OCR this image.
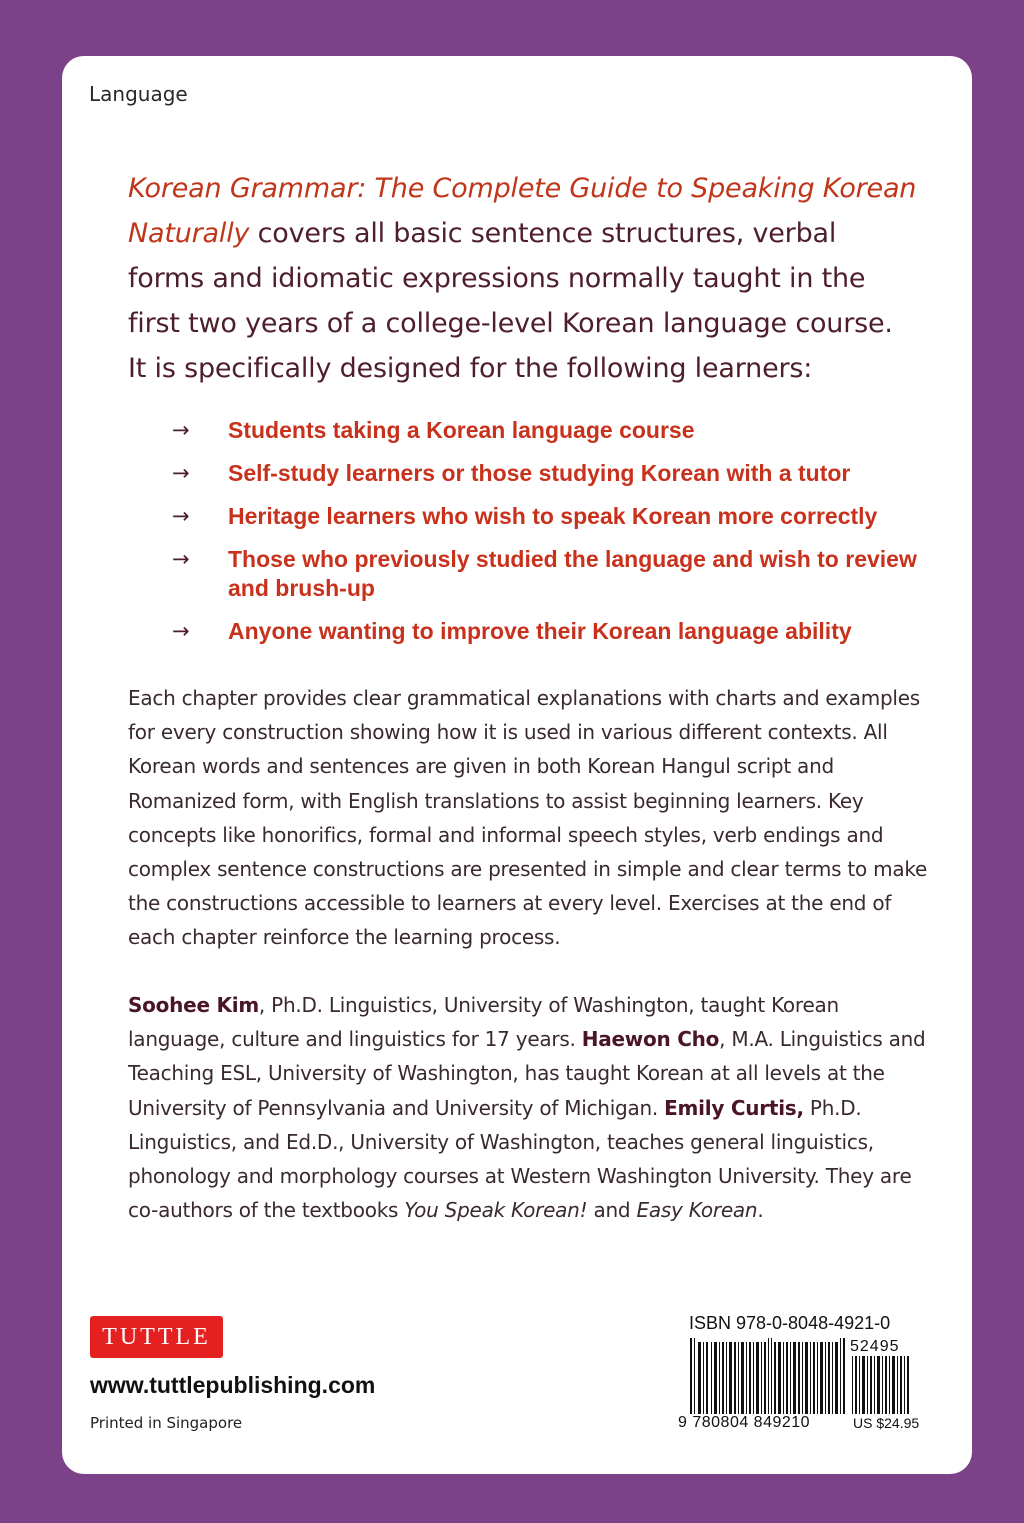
Language
Korean Grammar: The Complete Guide to Speaking Korean Naturally covers all basic sentence structures, verbal forms and idiomatic expressions normally taught in the first two years of a college-level Korean language course. It is specifically designed for the following learners:
→ Students taking a Korean language course
→ Self-study learners or those studying Korean with a tutor
→ Heritage learners who wish to speak Korean more correctly
→ Those who previously studied the language and wish to review and brush-up
→ Anyone wanting to improve their Korean language ability
Each chapter provides clear grammatical explanations with charts and examples for every construction showing how it is used in various different contexts. All Korean words and sentences are given in both Korean Hangul script and Romanized form, with English translations to assist beginning learners. Key concepts like honorifics, formal and informal speech styles, verb endings and complex sentence constructions are presented in simple and clear terms to make the constructions accessible to learners at every level. Exercises at the end of each chapter reinforce the learning process.
Soohee Kim, Ph.D. Linguistics, University of Washington, taught Korean language, culture and linguistics for 17 years. Haewon Cho, M.A. Linguistics and Teaching ESL, University of Washington, has taught Korean at all levels at the University of Pennsylvania and University of Michigan. Emily Curtis, Ph.D. Linguistics, and Ed.D., University of Washington, teaches general linguistics, phonology and morphology courses at Western Washington University. They are co-authors of the textbooks You Speak Korean! and Easy Korean.
TUTTLE
www.tuttlepublishing.com
Printed in Singapore
ISBN 978-0-8048-4921-0
52495
9 780804 849210	US $24.95
